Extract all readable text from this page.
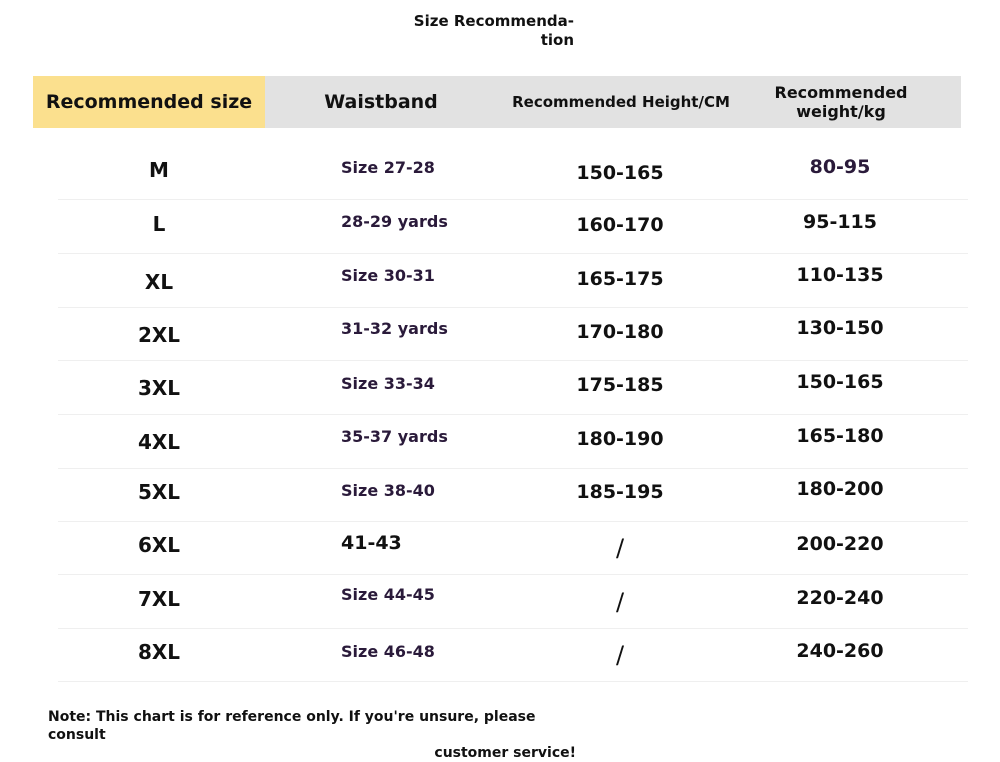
Size Recommenda-
tion
Recommended size	Waistband	Recommended Height/CM	Recommended
weight/kg
M	Size 27-28	150-165	80-95
L	28-29 yards	160-170	95-115
XL	Size 30-31	165-175	110-135
2XL	31-32 yards	170-180	130-150
3XL	Size 33-34	175-185	150-165
4XL	35-37 yards	180-190	165-180
5XL	Size 38-40	185-195	180-200
6XL	41-43	/	200-220
7XL	Size 44-45	/	220-240
8XL	Size 46-48	/	240-260
Note: This chart is for reference only. If you're unsure, please consult
customer service!
